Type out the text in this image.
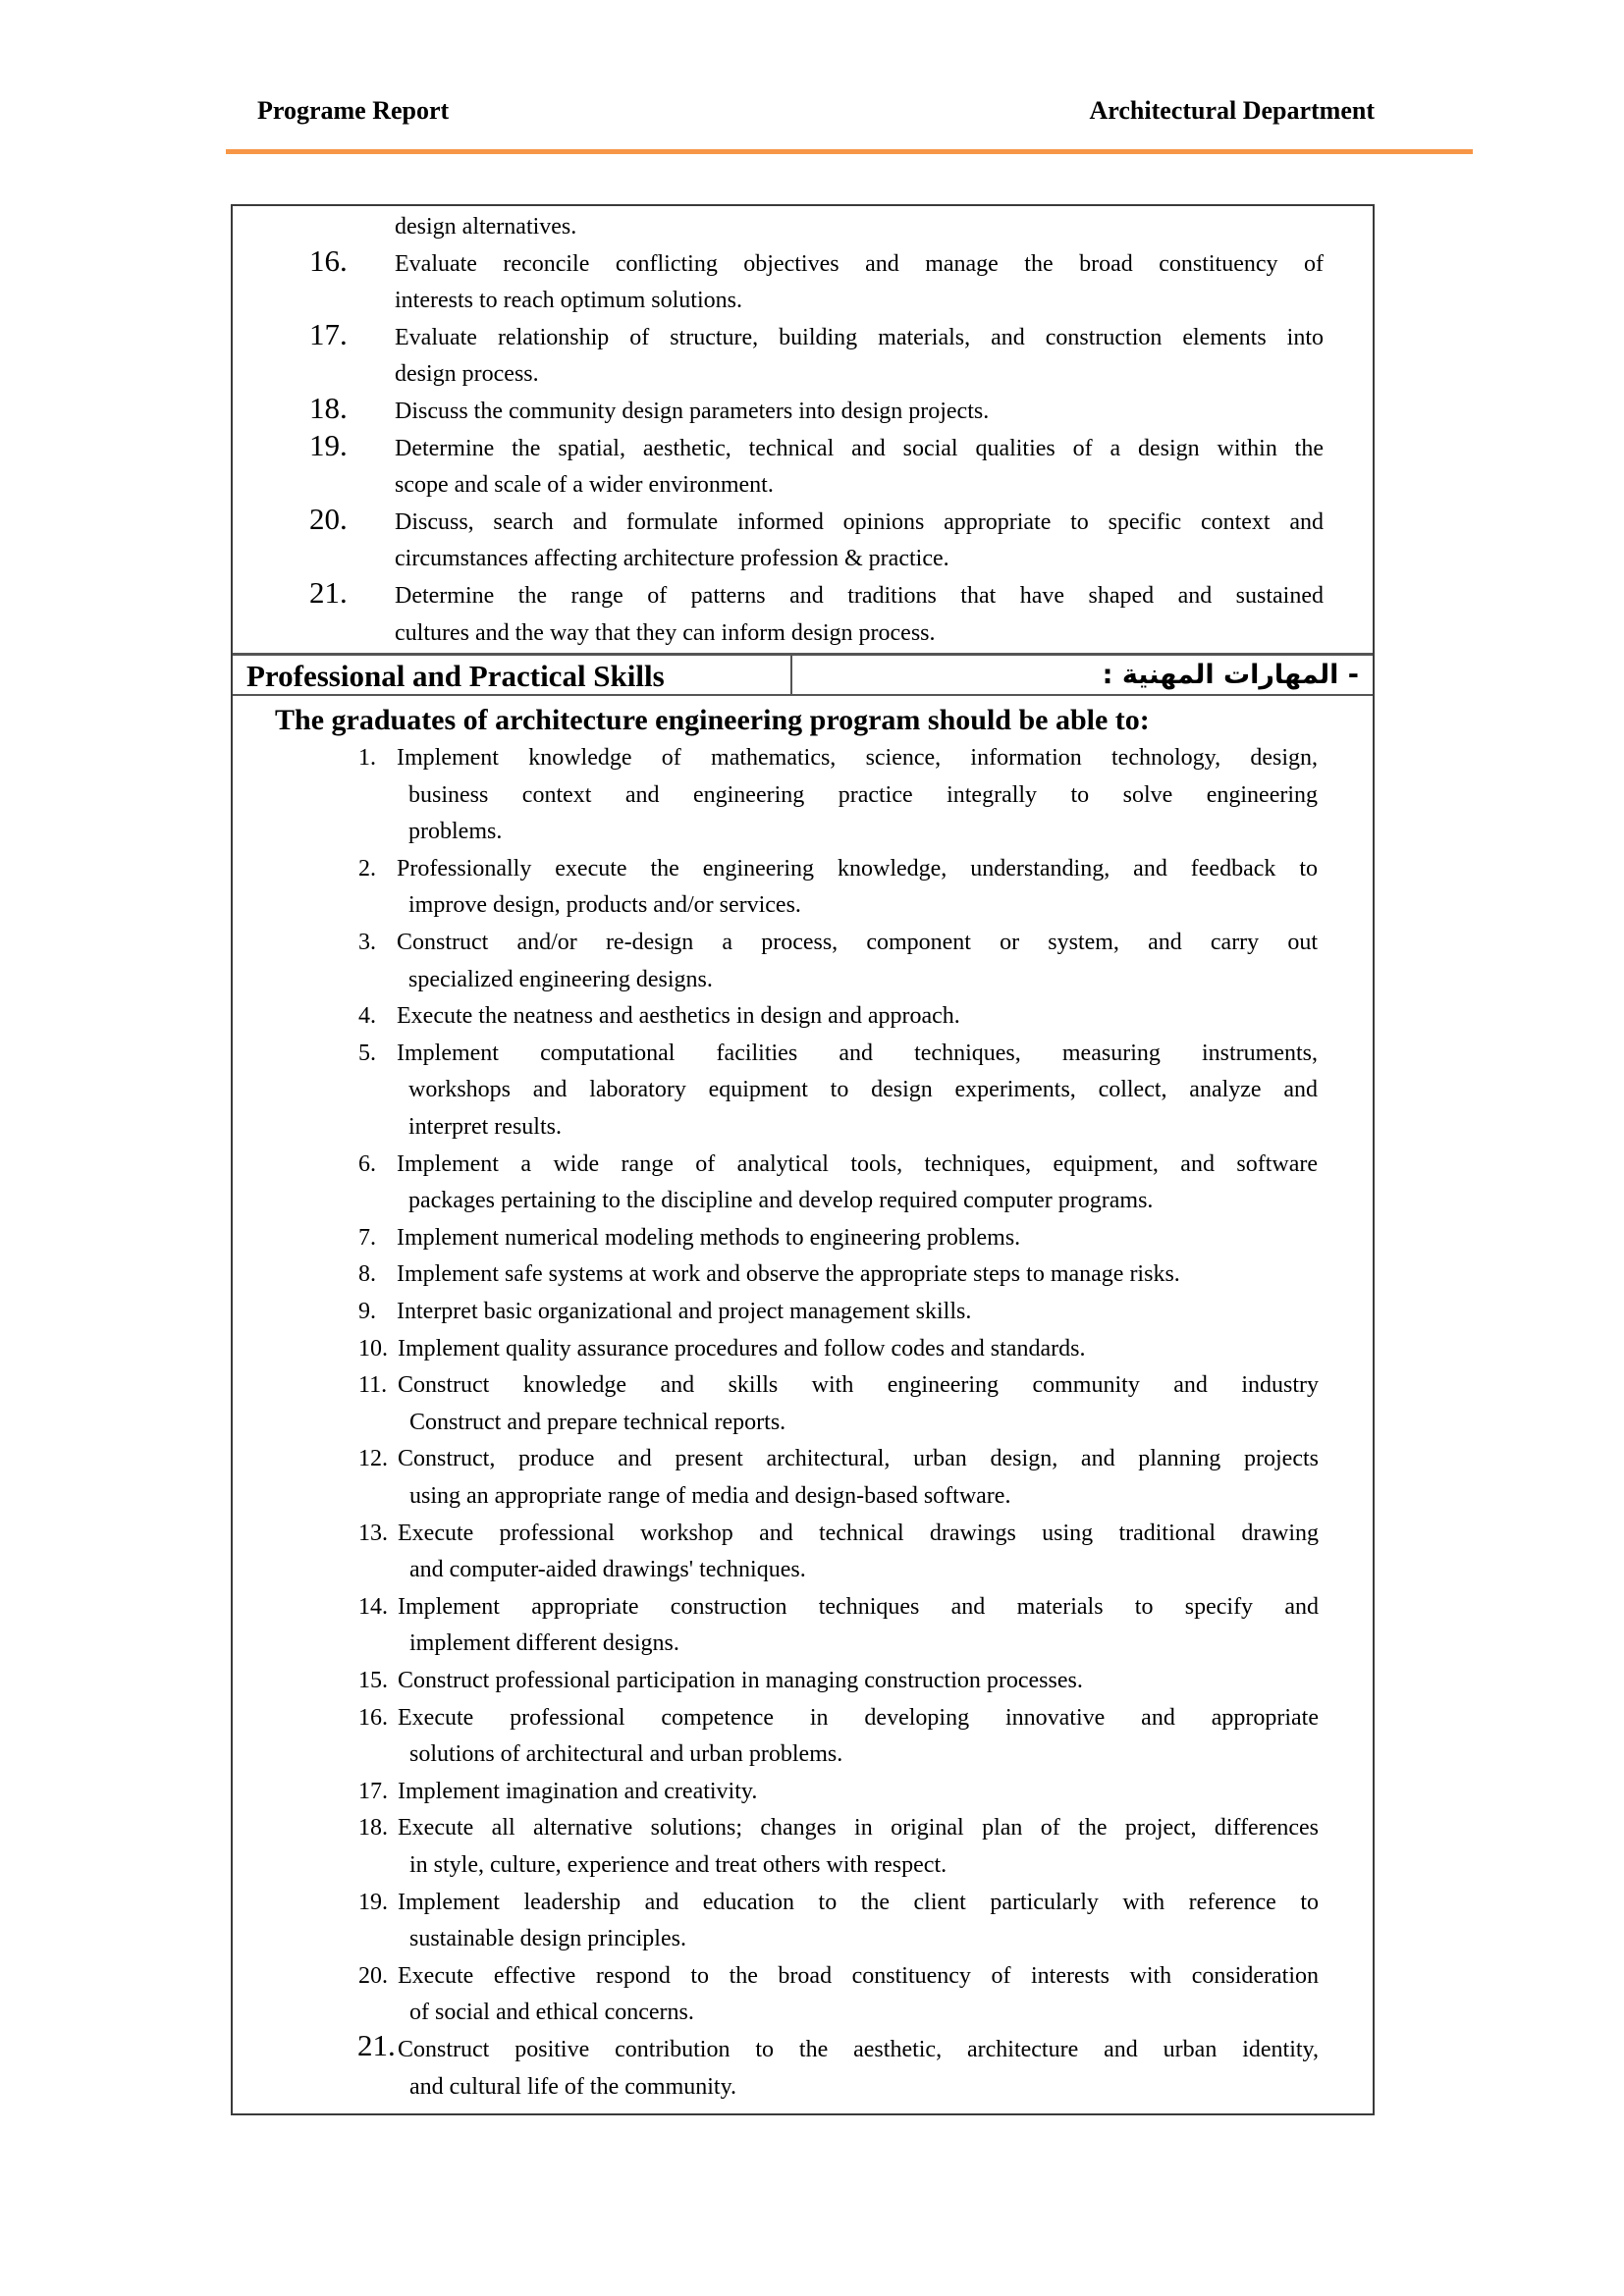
Programe Report	Architectural Department
design alternatives.
16. Evaluate reconcile conflicting objectives and manage the broad constituency of
interests to reach optimum solutions.
17. Evaluate relationship of structure, building materials, and construction elements into
design process.
18. Discuss the community design parameters into design projects.
19. Determine the spatial, aesthetic, technical and social qualities of a design within the
scope and scale of a wider environment.
20. Discuss, search and formulate informed opinions appropriate to specific context and
circumstances affecting architecture profession & practice.
21. Determine the range of patterns and traditions that have shaped and sustained
cultures and the way that they can inform design process.
Professional and Practical Skills	- المهارات المهنية :
The graduates of architecture engineering program should be able to:
1. Implement knowledge of mathematics, science, information technology, design,
business context and engineering practice integrally to solve engineering
problems.
2. Professionally execute the engineering knowledge, understanding, and feedback to
improve design, products and/or services.
3. Construct and/or re-design a process, component or system, and carry out
specialized engineering designs.
4. Execute the neatness and aesthetics in design and approach.
5. Implement computational facilities and techniques, measuring instruments,
workshops and laboratory equipment to design experiments, collect, analyze and
interpret results.
6. Implement a wide range of analytical tools, techniques, equipment, and software
packages pertaining to the discipline and develop required computer programs.
7. Implement numerical modeling methods to engineering problems.
8. Implement safe systems at work and observe the appropriate steps to manage risks.
9. Interpret basic organizational and project management skills.
10. Implement quality assurance procedures and follow codes and standards.
11. Construct knowledge and skills with engineering community and industry
Construct and prepare technical reports.
12. Construct, produce and present architectural, urban design, and planning projects
using an appropriate range of media and design-based software.
13. Execute professional workshop and technical drawings using traditional drawing
and computer-aided drawings' techniques.
14. Implement appropriate construction techniques and materials to specify and
implement different designs.
15. Construct professional participation in managing construction processes.
16. Execute professional competence in developing innovative and appropriate
solutions of architectural and urban problems.
17. Implement imagination and creativity.
18. Execute all alternative solutions; changes in original plan of the project, differences
in style, culture, experience and treat others with respect.
19. Implement leadership and education to the client particularly with reference to
sustainable design principles.
20. Execute effective respond to the broad constituency of interests with consideration
of social and ethical concerns.
21. Construct positive contribution to the aesthetic, architecture and urban identity,
and cultural life of the community.
